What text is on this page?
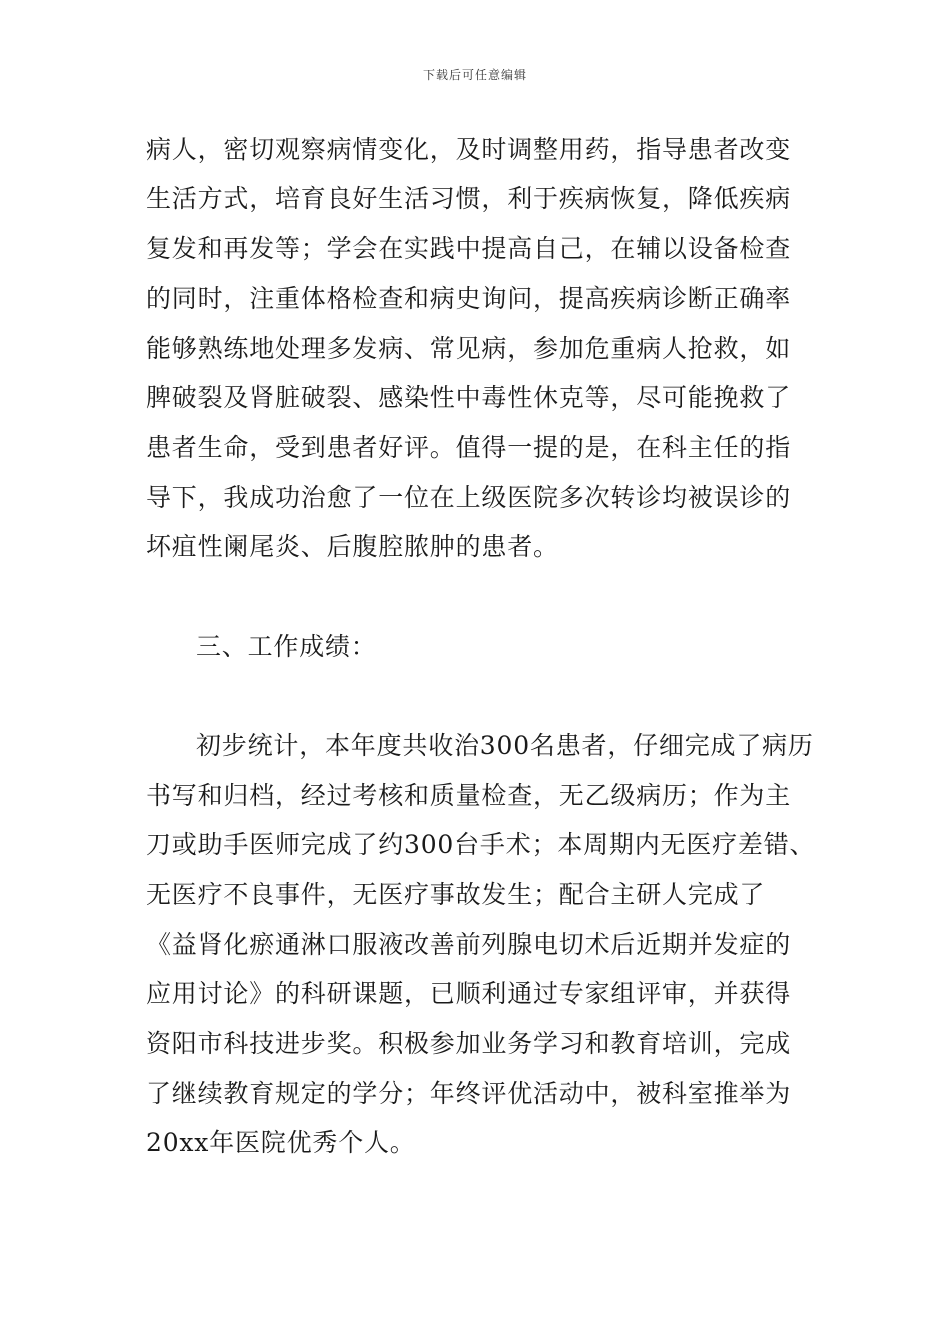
下载后可任意编辑
病人，密切观察病情变化，及时调整用药，指导患者改变
生活方式，培育良好生活习惯，利于疾病恢复，降低疾病
复发和再发等；学会在实践中提高自己，在辅以设备检查
的同时，注重体格检查和病史询问，提高疾病诊断正确率
能够熟练地处理多发病、常见病，参加危重病人抢救，如
脾破裂及肾脏破裂、感染性中毒性休克等，尽可能挽救了
患者生命，受到患者好评。值得一提的是，在科主任的指
导下，我成功治愈了一位在上级医院多次转诊均被误诊的
坏疽性阑尾炎、后腹腔脓肿的患者。
三、工作成绩：
初步统计，本年度共收治300名患者，仔细完成了病历
书写和归档，经过考核和质量检查，无乙级病历；作为主
刀或助手医师完成了约300台手术；本周期内无医疗差错、
无医疗不良事件，无医疗事故发生；配合主研人完成了
《益肾化瘀通淋口服液改善前列腺电切术后近期并发症的
应用讨论》的科研课题，已顺利通过专家组评审，并获得
资阳市科技进步奖。积极参加业务学习和教育培训，完成
了继续教育规定的学分；年终评优活动中，被科室推举为
20xx年医院优秀个人。
